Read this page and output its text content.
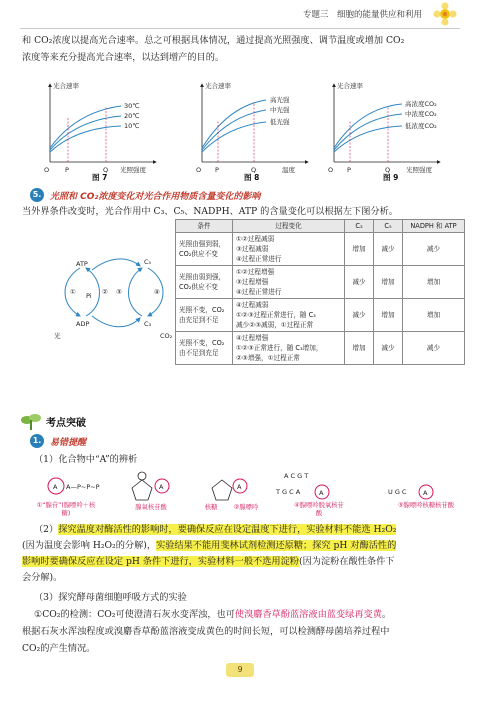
专题三　细胞的能量供应和利用
和 CO₂浓度以提高光合速率。总之可根据具体情况，通过提高光照强度、调节温度或增加 CO₂
浓度等来充分提高光合速率，以达到增产的目的。
O P	Q 光照强度
光合速率
30℃
20℃
10℃
图 7
O P	Q	温度
光合速率
高光强
中光强
低光强
图 8
O P	Q 光照强度
光合速率
高浓度CO₂
中浓度CO₂
低浓度CO₂
图 9
5. 光照和 CO₂浓度变化对光合作用物质含量变化的影响
当外界条件改变时，光合作用中 C₃、C₅、NADPH、ATP 的含量变化可以根据左下图分析。
ATP
ADP
Pi
C₅
C₃
光	CO₂
①	② ③	④
条件	过程变化	C₃	C₅	NADPH 和 ATP
光照由强到弱，CO₂供应不变	①②过程减弱
③过程减弱
④过程正常进行	增加	减少	减少
光照由弱到强，CO₂供应不变	①②过程增强
③过程增强
④过程正常进行	减少	增加	增加
光照不变，CO₂由充足到不足	④过程减弱
①②③过程正常进行，随 C₃
减少②③减弱，①过程正常	减少	增加	增加
光照不变，CO₂由不足到充足	④过程增强
①②③正常进行，随 C₃增加，
②③增强，①过程正常	增加	减少	减少
考点突破
1. 易错提醒
（1）化合物中“A”的辨析
A A—P~P~P	A	A
A C G T
T G C A	A	U G C	A
①“腺苷”(腺嘌呤＋核糖)
腺氧核苷酸	核糖	②腺嘌呤	④腺嘌呤脱氧核苷酸
⑤腺嘌呤核糖核苷酸
（2）探究温度对酶活性的影响时，要确保反应在设定温度下进行，实验材料不能选 H₂O₂
(因为温度会影响 H₂O₂的分解)，实验结果不能用斐林试剂检测还原糖；探究 pH 对酶活性的
影响时要确保反应在设定 pH 条件下进行，实验材料一般不选用淀粉(因为淀粉在酸性条件下
会分解)。
（3）探究酵母菌细胞呼吸方式的实验
①CO₂的检测：CO₂可使澄清石灰水变浑浊，也可使溴麝香草酚蓝溶液由蓝变绿再变黄。
根据石灰水浑浊程度或溴麝香草酚蓝溶液变成黄色的时间长短，可以检测酵母菌培养过程中
CO₂的产生情况。
9
